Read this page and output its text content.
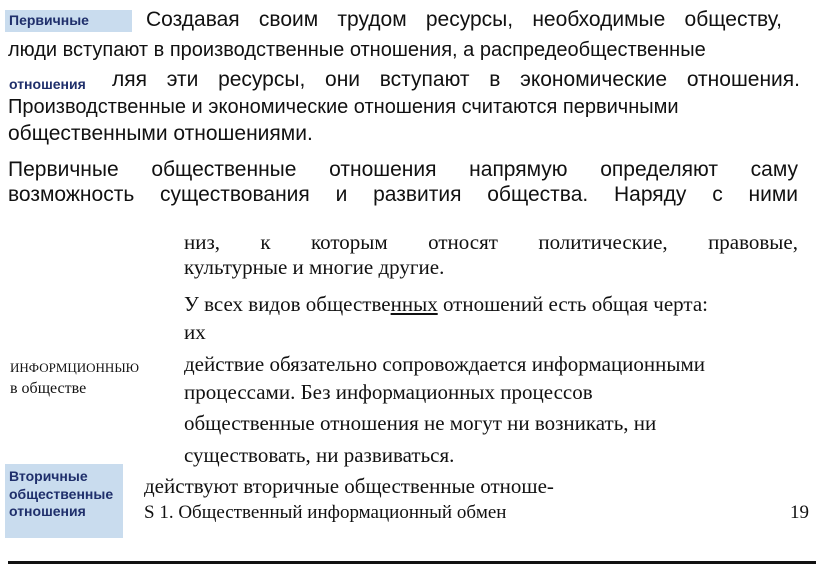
Первичные
отношения
Вторичные
общественные
отношения
Создавая своим трудом ресурсы, необходимые обществу,
люди вступают в производственные отношения, а распредеобщественные
ляя эти ресурсы, они вступают в экономические отношения.
Производственные и экономические отношения считаются первичными
общественными отношениями.
Первичные общественные отношения напрямую определяют саму
возможность существования и развития общества. Наряду с ними
низ, к которым относят политические, правовые,
культурные и многие другие.
У всех видов общественных отношений есть общая черта:
их
действие обязательно сопровождается информационными
процессами. Без информационных процессов
общественные отношения не могут ни возникать, ни
существовать, ни развиваться.
ИНФОРМЦИОННЫЮ
в обществе
действуют вторичные общественные отноше-
S 1. Общественный информационный обмен	19
